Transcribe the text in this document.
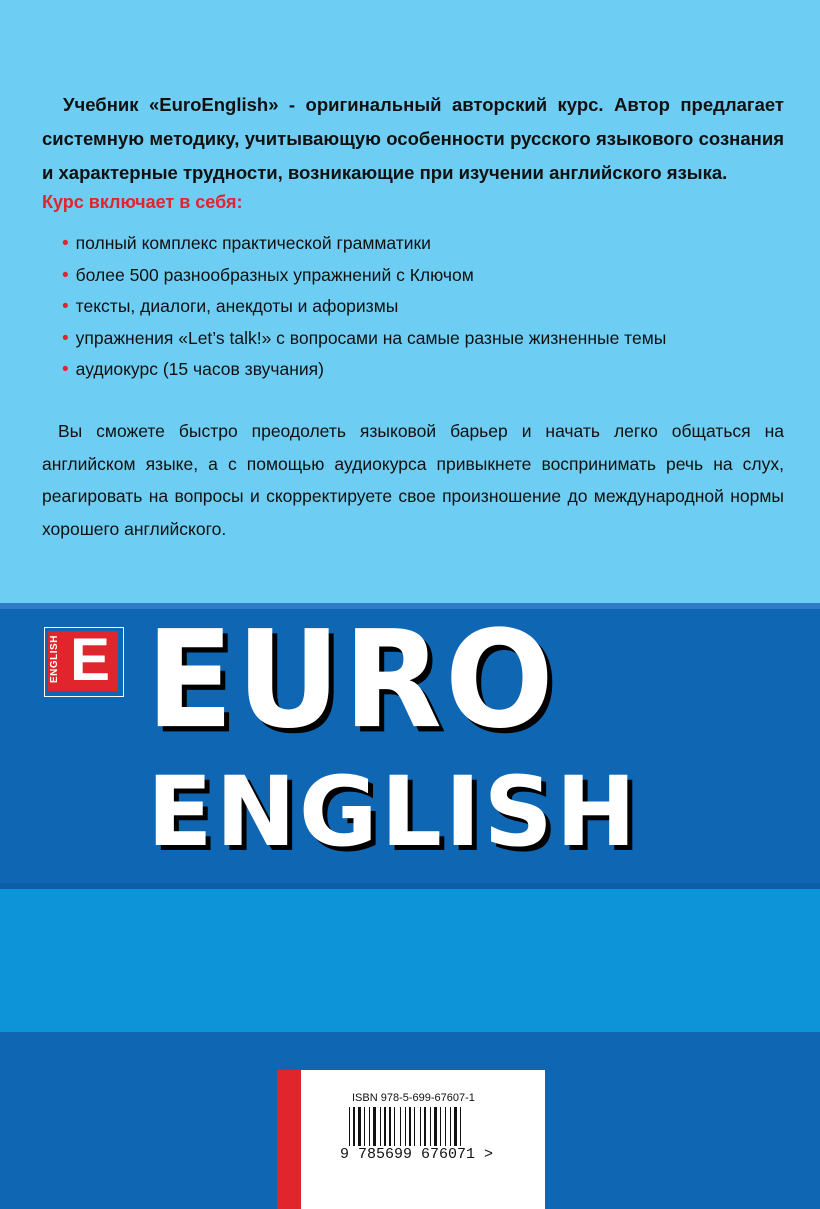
Учебник «EuroEnglish» - оригинальный авторский курс. Автор предлагает системную методику, учитывающую особенности русского языкового сознания и характерные трудности, возникающие при изучении английского языка.

Курс включает в себя:

• полный комплекс практической грамматики
• более 500 разнообразных упражнений с Ключом
• тексты, диалоги, анекдоты и афоризмы
• упражнения «Let’s talk!» с вопросами на самые разные жизненные темы
• аудиокурс (15 часов звучания)

Вы сможете быстро преодолеть языковой барьер и начать легко общаться на английском языке, а с помощью аудиокурса привыкнете воспринимать речь на слух, реагировать на вопросы и скорректируете свое произношение до международной нормы хорошего английского.

ENGLISH E EURO
ENGLISH
ISBN 978-5-699-67607-1
9 785699 676071 >
